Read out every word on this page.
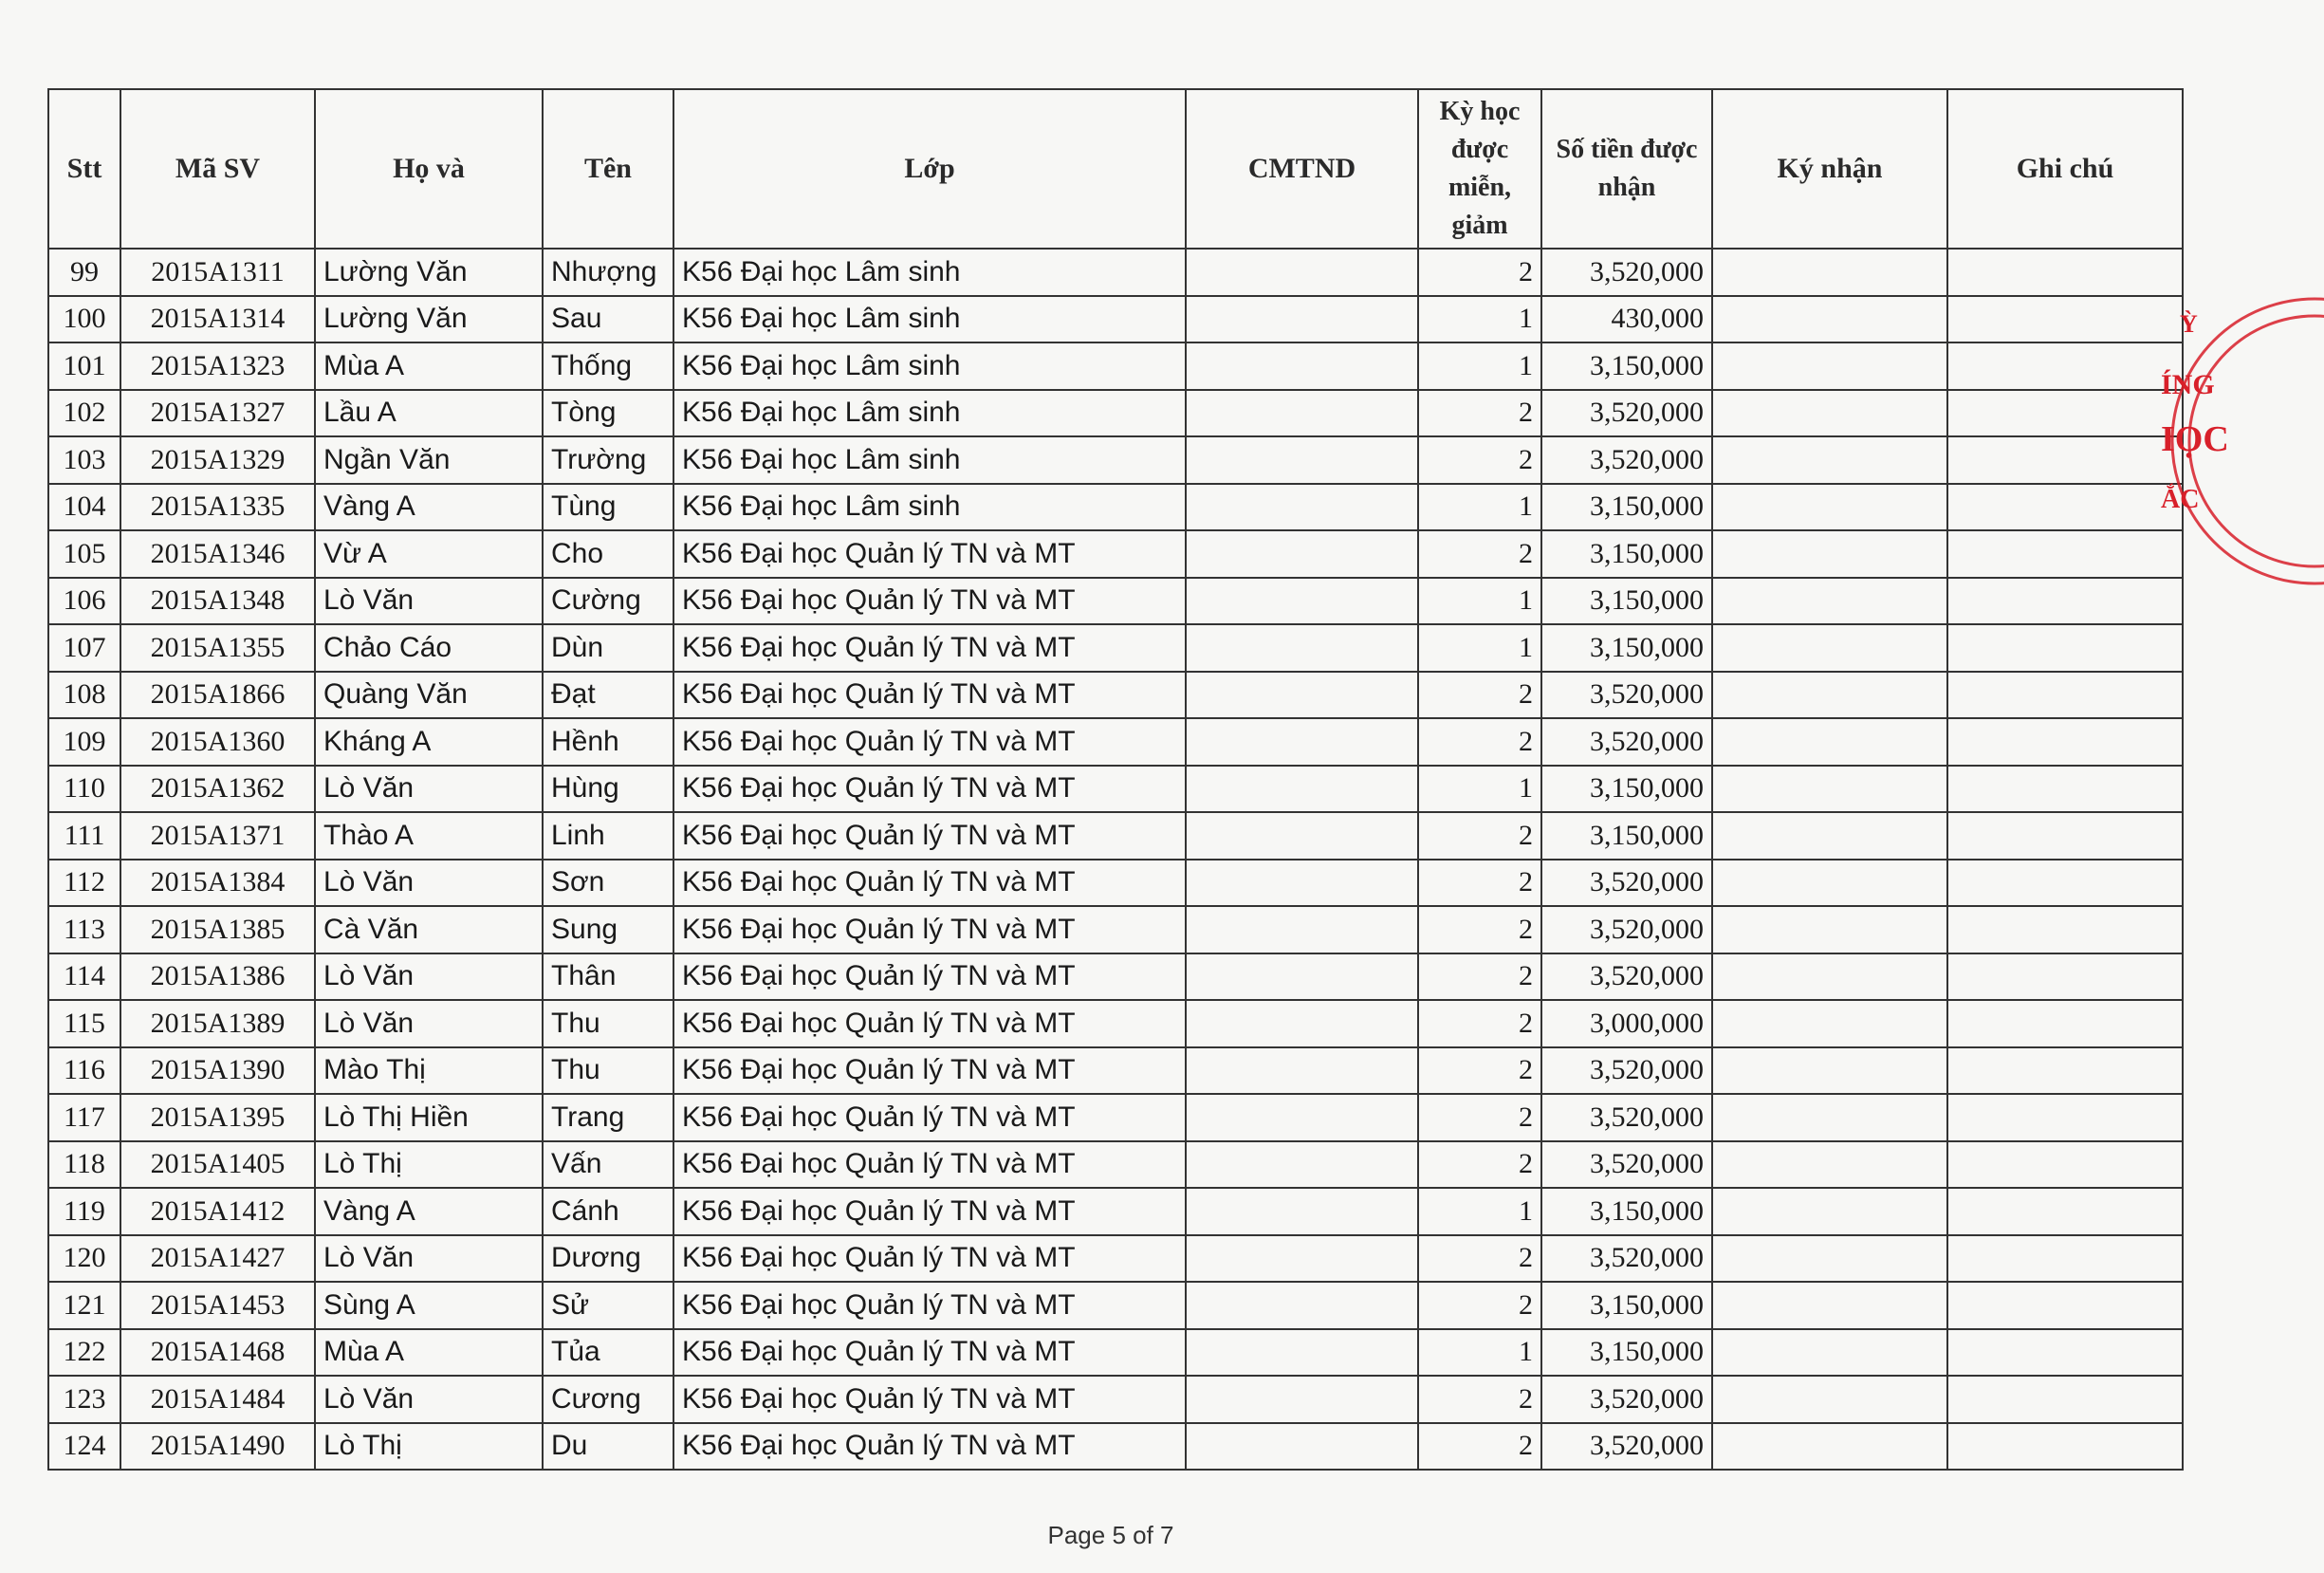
Stt	Mã SV	Họ và	Tên	Lớp	CMTND	Kỳ học được miễn, giảm	Số tiền được nhận	Ký nhận	Ghi chú
99	2015A1311	Lường Văn	Nhượng	K56 Đại học Lâm sinh		2	3,520,000		
100	2015A1314	Lường Văn	Sau	K56 Đại học Lâm sinh		1	430,000		
101	2015A1323	Mùa A	Thống	K56 Đại học Lâm sinh		1	3,150,000		
102	2015A1327	Lầu A	Tòng	K56 Đại học Lâm sinh		2	3,520,000		
103	2015A1329	Ngần Văn	Trường	K56 Đại học Lâm sinh		2	3,520,000		
104	2015A1335	Vàng A	Tùng	K56 Đại học Lâm sinh		1	3,150,000		
105	2015A1346	Vừ A	Cho	K56 Đại học Quản lý TN và MT		2	3,150,000		
106	2015A1348	Lò Văn	Cường	K56 Đại học Quản lý TN và MT		1	3,150,000		
107	2015A1355	Chảo Cáo	Dùn	K56 Đại học Quản lý TN và MT		1	3,150,000		
108	2015A1866	Quàng Văn	Đạt	K56 Đại học Quản lý TN và MT		2	3,520,000		
109	2015A1360	Kháng A	Hềnh	K56 Đại học Quản lý TN và MT		2	3,520,000		
110	2015A1362	Lò Văn	Hùng	K56 Đại học Quản lý TN và MT		1	3,150,000		
111	2015A1371	Thào A	Linh	K56 Đại học Quản lý TN và MT		2	3,150,000		
112	2015A1384	Lò Văn	Sơn	K56 Đại học Quản lý TN và MT		2	3,520,000		
113	2015A1385	Cà Văn	Sung	K56 Đại học Quản lý TN và MT		2	3,520,000		
114	2015A1386	Lò Văn	Thân	K56 Đại học Quản lý TN và MT		2	3,520,000		
115	2015A1389	Lò Văn	Thu	K56 Đại học Quản lý TN và MT		2	3,000,000		
116	2015A1390	Mào Thị	Thu	K56 Đại học Quản lý TN và MT		2	3,520,000		
117	2015A1395	Lò Thị Hiền	Trang	K56 Đại học Quản lý TN và MT		2	3,520,000		
118	2015A1405	Lò Thị	Vấn	K56 Đại học Quản lý TN và MT		2	3,520,000		
119	2015A1412	Vàng A	Cánh	K56 Đại học Quản lý TN và MT		1	3,150,000		
120	2015A1427	Lò Văn	Dương	K56 Đại học Quản lý TN và MT		2	3,520,000		
121	2015A1453	Sùng A	Sử	K56 Đại học Quản lý TN và MT		2	3,150,000		
122	2015A1468	Mùa A	Tủa	K56 Đại học Quản lý TN và MT		1	3,150,000		
123	2015A1484	Lò Văn	Cương	K56 Đại học Quản lý TN và MT		2	3,520,000		
124	2015A1490	Lò Thị	Du	K56 Đại học Quản lý TN và MT		2	3,520,000		
Page 5 of 7
Ỳ
ÍNG
IỌC
ẮC
